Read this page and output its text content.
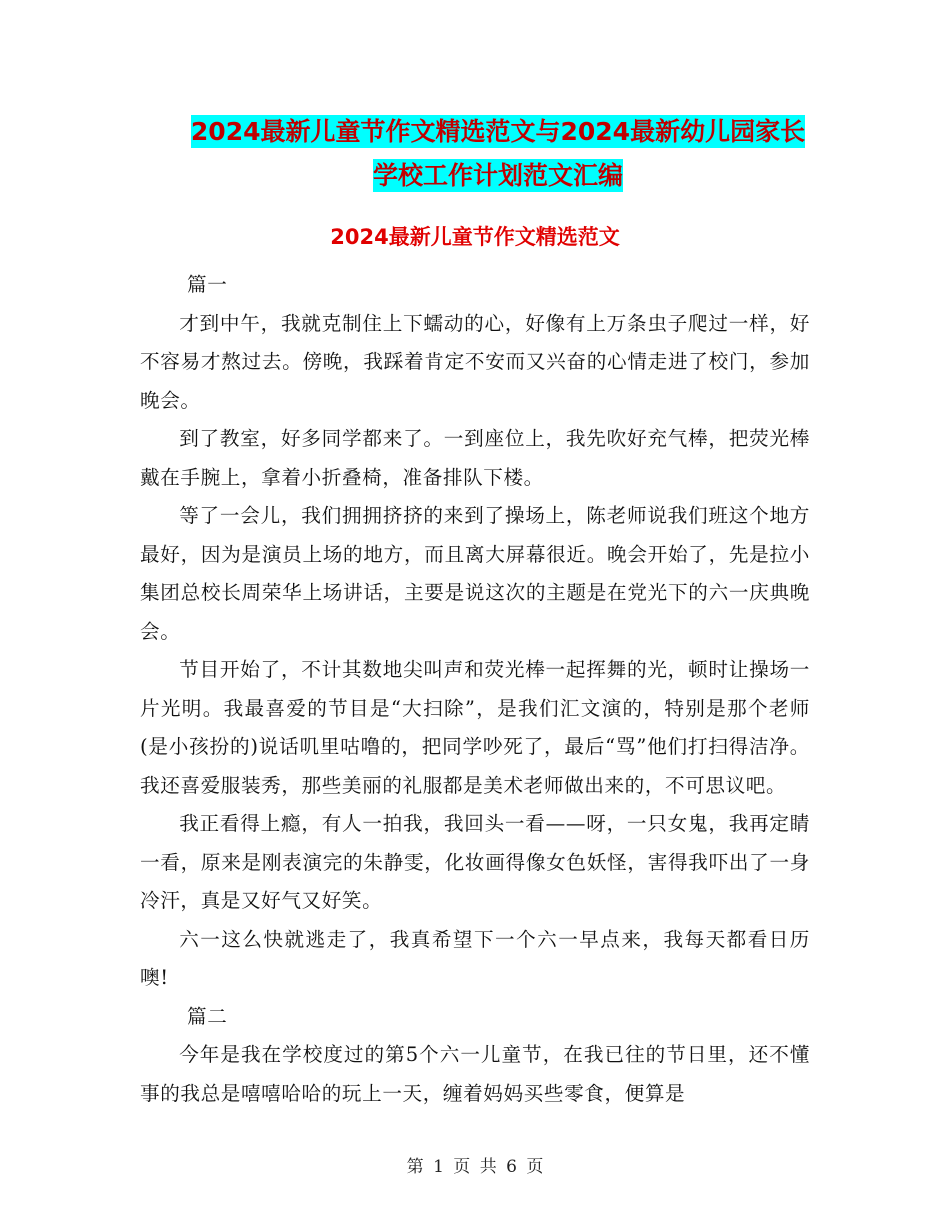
2024最新儿童节作文精选范文与2024最新幼儿园家长
学校工作计划范文汇编
2024最新儿童节作文精选范文

篇一

才到中午，我就克制住上下蠕动的心，好像有上万条虫子爬过一样，好不容易才熬过去。傍晚，我踩着肯定不安而又兴奋的心情走进了校门，参加晚会。

到了教室，好多同学都来了。一到座位上，我先吹好充气棒，把荧光棒戴在手腕上，拿着小折叠椅，准备排队下楼。

等了一会儿，我们拥拥挤挤的来到了操场上，陈老师说我们班这个地方最好，因为是演员上场的地方，而且离大屏幕很近。晚会开始了，先是拉小集团总校长周荣华上场讲话，主要是说这次的主题是在党光下的六一庆典晚会。

节目开始了，不计其数地尖叫声和荧光棒一起挥舞的光，顿时让操场一片光明。我最喜爱的节目是“大扫除”，是我们汇文演的，特别是那个老师(是小孩扮的)说话叽里咕噜的，把同学吵死了，最后“骂”他们打扫得洁净。我还喜爱服装秀，那些美丽的礼服都是美术老师做出来的，不可思议吧。

我正看得上瘾，有人一拍我，我回头一看——呀，一只女鬼，我再定睛一看，原来是刚表演完的朱静雯，化妆画得像女色妖怪，害得我吓出了一身冷汗，真是又好气又好笑。

六一这么快就逃走了，我真希望下一个六一早点来，我每天都看日历噢!

篇二

今年是我在学校度过的第5个六一儿童节，在我已往的节日里，还不懂事的我总是嘻嘻哈哈的玩上一天，缠着妈妈买些零食，便算是

第 1 页 共 6 页
